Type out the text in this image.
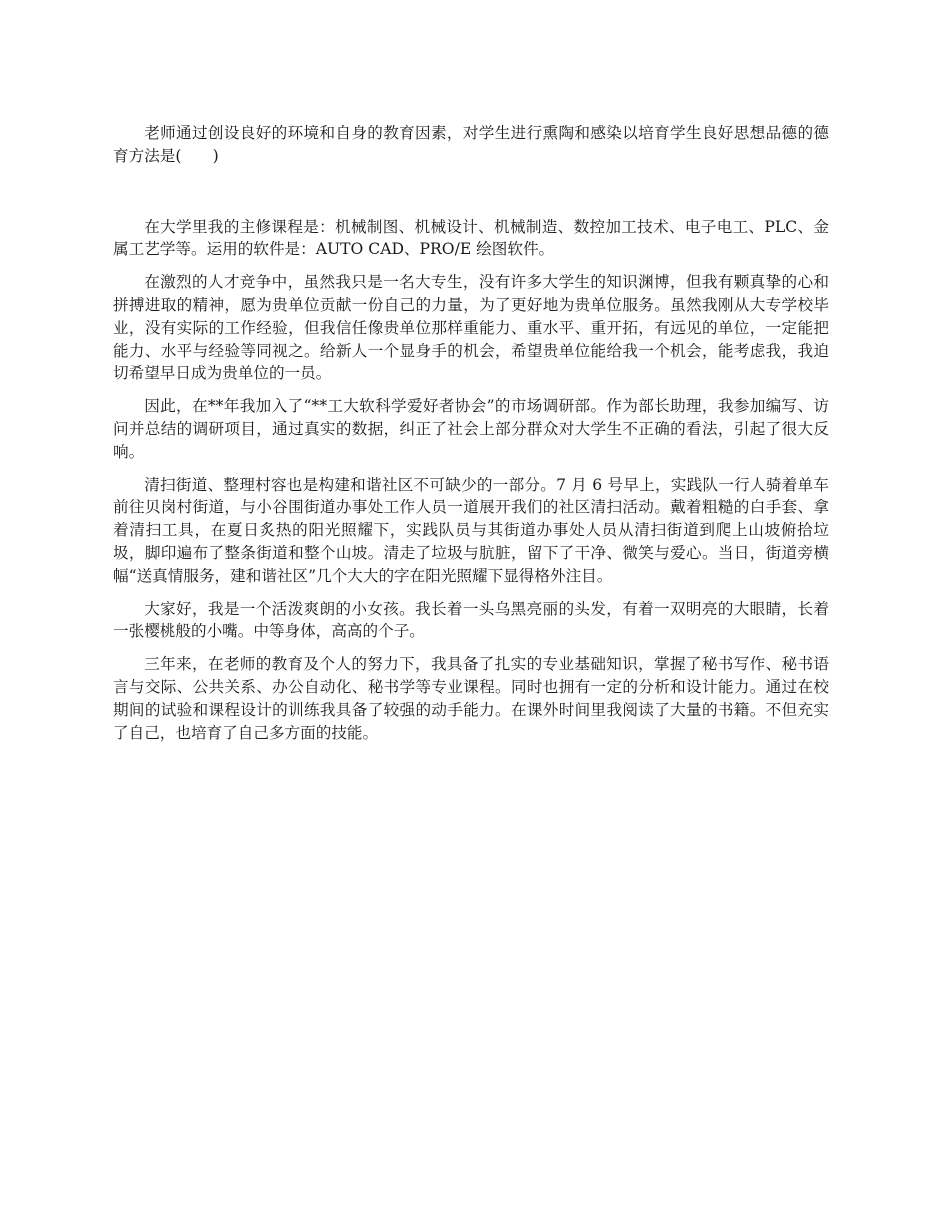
老师通过创设良好的环境和自身的教育因素，对学生进行熏陶和感染以培育学生良好思想品德的德育方法是(　　)

在大学里我的主修课程是：机械制图、机械设计、机械制造、数控加工技术、电子电工、PLC、金属工艺学等。运用的软件是：AUTO CAD、PRO/E 绘图软件。

在激烈的人才竞争中，虽然我只是一名大专生，没有许多大学生的知识渊博，但我有颗真挚的心和拼搏进取的精神，愿为贵单位贡献一份自己的力量，为了更好地为贵单位服务。虽然我刚从大专学校毕业，没有实际的工作经验，但我信任像贵单位那样重能力、重水平、重开拓，有远见的单位，一定能把能力、水平与经验等同视之。给新人一个显身手的机会，希望贵单位能给我一个机会，能考虑我，我迫切希望早日成为贵单位的一员。

因此，在**年我加入了“**工大软科学爱好者协会”的市场调研部。作为部长助理，我参加编写、访问并总结的调研项目，通过真实的数据，纠正了社会上部分群众对大学生不正确的看法，引起了很大反响。

清扫街道、整理村容也是构建和谐社区不可缺少的一部分。7 月 6 号早上，实践队一行人骑着单车前往贝岗村街道，与小谷围街道办事处工作人员一道展开我们的社区清扫活动。戴着粗糙的白手套、拿着清扫工具，在夏日炙热的阳光照耀下，实践队员与其街道办事处人员从清扫街道到爬上山坡俯拾垃圾，脚印遍布了整条街道和整个山坡。清走了垃圾与肮脏，留下了干净、微笑与爱心。当日，街道旁横幅“送真情服务，建和谐社区”几个大大的字在阳光照耀下显得格外注目。

大家好，我是一个活泼爽朗的小女孩。我长着一头乌黑亮丽的头发，有着一双明亮的大眼睛，长着一张樱桃般的小嘴。中等身体，高高的个子。

三年来，在老师的教育及个人的努力下，我具备了扎实的专业基础知识，掌握了秘书写作、秘书语言与交际、公共关系、办公自动化、秘书学等专业课程。同时也拥有一定的分析和设计能力。通过在校期间的试验和课程设计的训练我具备了较强的动手能力。在课外时间里我阅读了大量的书籍。不但充实了自己，也培育了自己多方面的技能。
